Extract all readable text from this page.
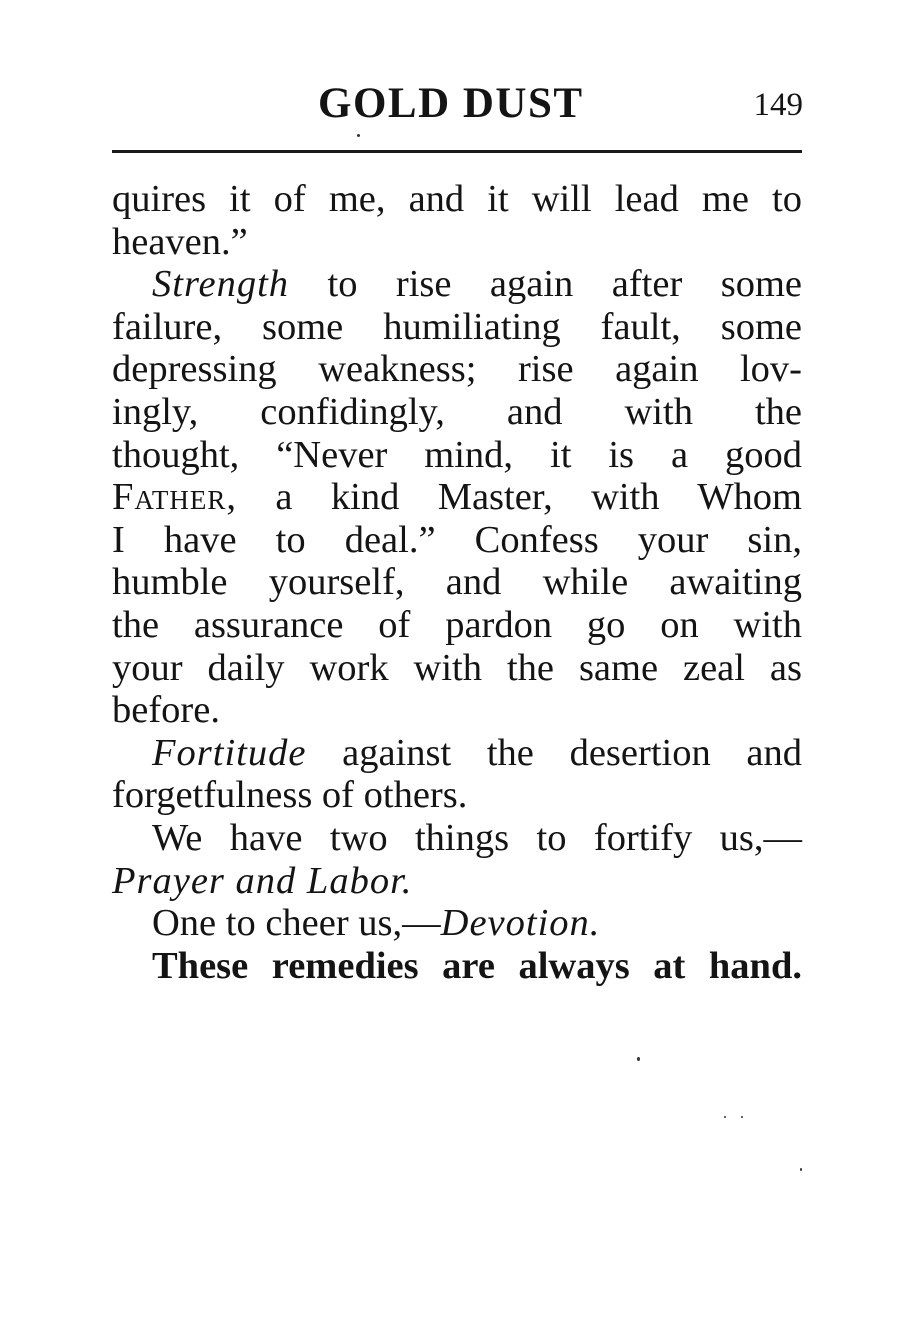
GOLD DUST	149
quires it of me, and it will lead me to
heaven.”
Strength to rise again after some
failure, some humiliating fault, some
depressing weakness; rise again lov-
ingly, confidingly, and with the
thought, “Never mind, it is a good
Father, a kind Master, with Whom
I have to deal.” Confess your sin,
humble yourself, and while awaiting
the assurance of pardon go on with
your daily work with the same zeal as
before.
Fortitude against the desertion and
forgetfulness of others.
We have two things to fortify us,—
Prayer and Labor.
One to cheer us,—Devotion.
These remedies are always at hand.
